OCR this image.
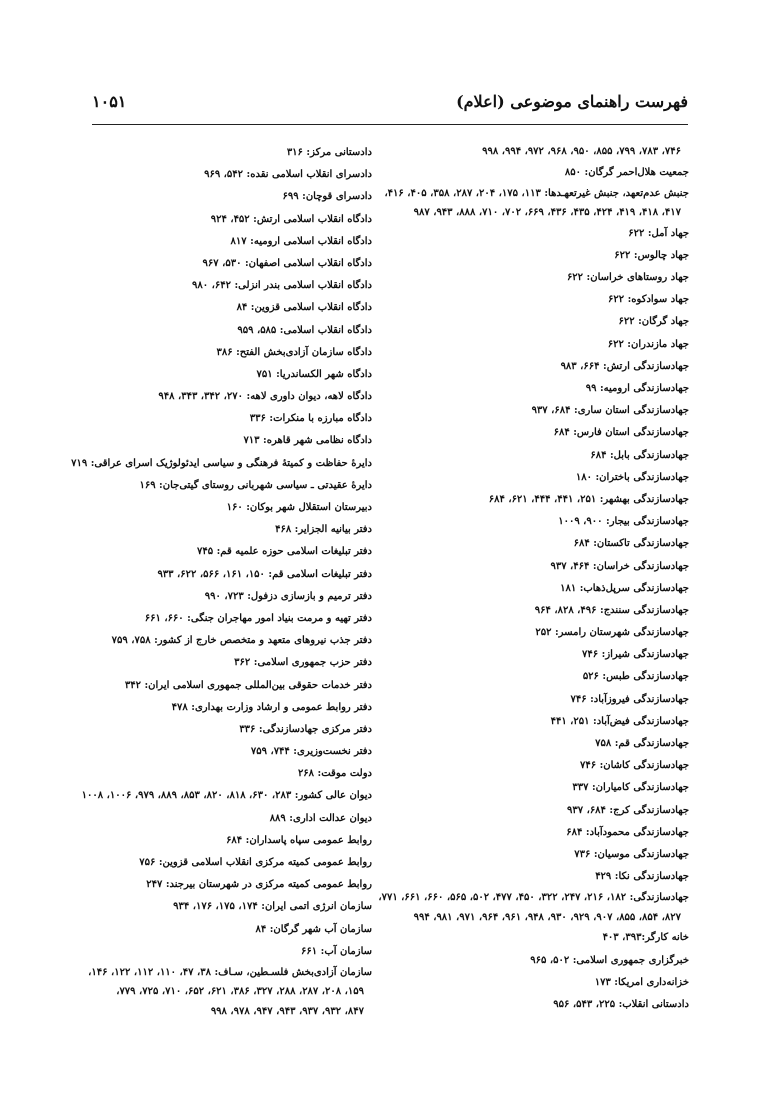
فهرست راهنمای موضوعی (اعلام)
۱۰۵۱
۷۴۶، ۷۸۳، ۷۹۹، ۸۵۵، ۹۵۰، ۹۶۸، ۹۷۲، ۹۹۴، ۹۹۸
جمعیت هلال‌احمر گرگان: ۸۵۰
جنبش عدم‌تعهد، جنبش غیرتعهـدها: ۱۱۳، ۱۷۵، ۲۰۴، ۲۸۷، ۳۵۸، ۴۰۵، ۴۱۶،
۴۱۷، ۴۱۸، ۴۱۹، ۴۲۴، ۴۳۵، ۴۳۶، ۶۶۹، ۷۰۲، ۷۱۰، ۸۸۸، ۹۴۳، ۹۸۷
جهاد آمل: ۶۲۲
جهاد چالوس: ۶۲۲
جهاد روستاهای خراسان: ۶۲۲
جهاد سوادکوه: ۶۲۲
جهاد گرگان: ۶۲۲
جهاد مازندران: ۶۲۲
جهادسازندگی ارتش: ۶۶۴، ۹۸۳
جهادسازندگی ارومیه: ۹۹
جهادسازندگی استان ساری: ۶۸۴، ۹۳۷
جهادسازندگی استان فارس: ۶۸۴
جهادسازندگی بابل: ۶۸۴
جهادسازندگی باختران: ۱۸۰
جهادسازندگی بهشهر: ۲۵۱، ۴۴۱، ۴۴۴، ۶۲۱، ۶۸۴
جهادسازندگی بیجار: ۹۰۰، ۱۰۰۹
جهادسازندگی تاکستان: ۶۸۴
جهادسازندگی خراسان: ۴۶۴، ۹۳۷
جهادسازندگی سرپل‌ذهاب: ۱۸۱
جهادسازندگی سنندج: ۴۹۶، ۸۲۸، ۹۶۴
جهادسازندگی شهرستان رامسر: ۲۵۲
جهادسازندگی شیراز: ۷۴۶
جهادسازندگی طبس: ۵۲۶
جهادسازندگی فیروزآباد: ۷۴۶
جهادسازندگی فیض‌آباد: ۲۵۱، ۴۴۱
جهادسازندگی قم: ۷۵۸
جهادسازندگی کاشان: ۷۴۶
جهادسازندگی کامیاران: ۳۳۷
جهادسازندگی کرج: ۶۸۴، ۹۳۷
جهادسازندگی محمودآباد: ۶۸۴
جهادسازندگی موسیان: ۷۳۶
جهادسازندگی نکا: ۴۲۹
جهادسازندگی: ۱۸۲، ۲۱۶، ۲۴۷، ۳۲۲، ۴۵۰، ۴۷۷، ۵۰۲، ۵۶۵، ۶۶۰، ۶۶۱، ۷۷۱،
۸۲۷، ۸۵۴، ۸۵۵، ۹۰۷، ۹۲۹، ۹۳۰، ۹۴۸، ۹۶۱، ۹۶۴، ۹۷۱، ۹۸۱، ۹۹۴
خانه کارگر:۳۹۳، ۴۰۳
خبرگزاری جمهوری اسلامی: ۵۰۲، ۹۶۵
خزانه‌داری امریکا: ۱۷۳
دادستانی انقلاب: ۲۲۵، ۵۴۳، ۹۵۶
دادستانی مرکز: ۳۱۶
دادسرای انقلاب اسلامی نقده: ۵۴۲، ۹۶۹
دادسرای قوچان: ۶۹۹
دادگاه انقلاب اسلامی ارتش: ۴۵۲، ۹۲۴
دادگاه انقلاب اسلامی ارومیه: ۸۱۷
دادگاه انقلاب اسلامی اصفهان: ۵۳۰، ۹۶۷
دادگاه انقلاب اسلامی بندر انزلی: ۶۴۲، ۹۸۰
دادگاه انقلاب اسلامی قزوین: ۸۴
دادگاه انقلاب اسلامی: ۵۸۵، ۹۵۹
دادگاه سازمان آزادی‌بخش الفتح: ۳۸۶
دادگاه شهر الکساندریا: ۷۵۱
دادگاه لاهه، دیوان داوری لاهه: ۲۷۰، ۳۴۲، ۳۴۳، ۹۴۸
دادگاه مبارزه با منکرات: ۳۳۶
دادگاه نظامی شهر قاهره: ۷۱۳
دایرۀ حفاظت و کمیتۀ فرهنگی و سیاسی ایدئولوژیک اسرای عراقی: ۷۱۹
دایرۀ عقیدتی ـ سیاسی شهربانی روستای گیتی‌جان: ۱۶۹
دبیرستان استقلال شهر بوکان: ۱۶۰
دفتر بیانیه الجزایر: ۴۶۸
دفتر تبلیغات اسلامی حوزه علمیه قم: ۷۴۵
دفتر تبلیغات اسلامی قم: ۱۵۰، ۱۶۱، ۵۶۶، ۶۲۲، ۹۳۳
دفتر ترمیم و بازسازی دزفول: ۷۲۳، ۹۹۰
دفتر تهیه و مرمت بنیاد امور مهاجران جنگی: ۶۶۰، ۶۶۱
دفتر جذب نیروهای متعهد و متخصص خارج از کشور: ۷۵۸، ۷۵۹
دفتر حزب جمهوری اسلامی: ۳۶۲
دفتر خدمات حقوقی بین‌المللی جمهوری اسلامی ایران: ۳۴۲
دفتر روابط عمومی و ارشاد وزارت بهداری: ۴۷۸
دفتر مرکزی جهادسازندگی: ۳۳۶
دفتر نخست‌وزیری: ۷۴۴، ۷۵۹
دولت موقت: ۲۶۸
دیوان عالی کشور: ۲۸۳، ۶۳۰، ۸۱۸، ۸۲۰، ۸۵۳، ۸۸۹، ۹۷۹، ۱۰۰۶، ۱۰۰۸
دیوان عدالت اداری: ۸۸۹
روابط عمومی سپاه پاسداران: ۶۸۴
روابط عمومی کمیته مرکزی انقلاب اسلامی قزوین: ۷۵۶
روابط عمومی کمیته مرکزی در شهرستان بیرجند: ۲۴۷
سازمان انرژی اتمی ایران: ۱۷۴، ۱۷۵، ۱۷۶، ۹۳۴
سازمان آب شهر گرگان: ۸۴
سازمان آب: ۶۶۱
سازمان آزادی‌بخش فلسـطین، سـاف: ۳۸، ۴۷، ۱۱۰، ۱۱۲، ۱۲۲، ۱۴۶،
۱۵۹، ۲۰۸، ۲۸۷، ۲۸۸، ۳۲۷، ۳۸۶، ۶۲۱، ۶۵۲، ۷۱۰، ۷۲۵، ۷۷۹،
۸۴۷، ۹۳۲، ۹۳۷، ۹۴۳، ۹۴۷، ۹۷۸، ۹۹۸
